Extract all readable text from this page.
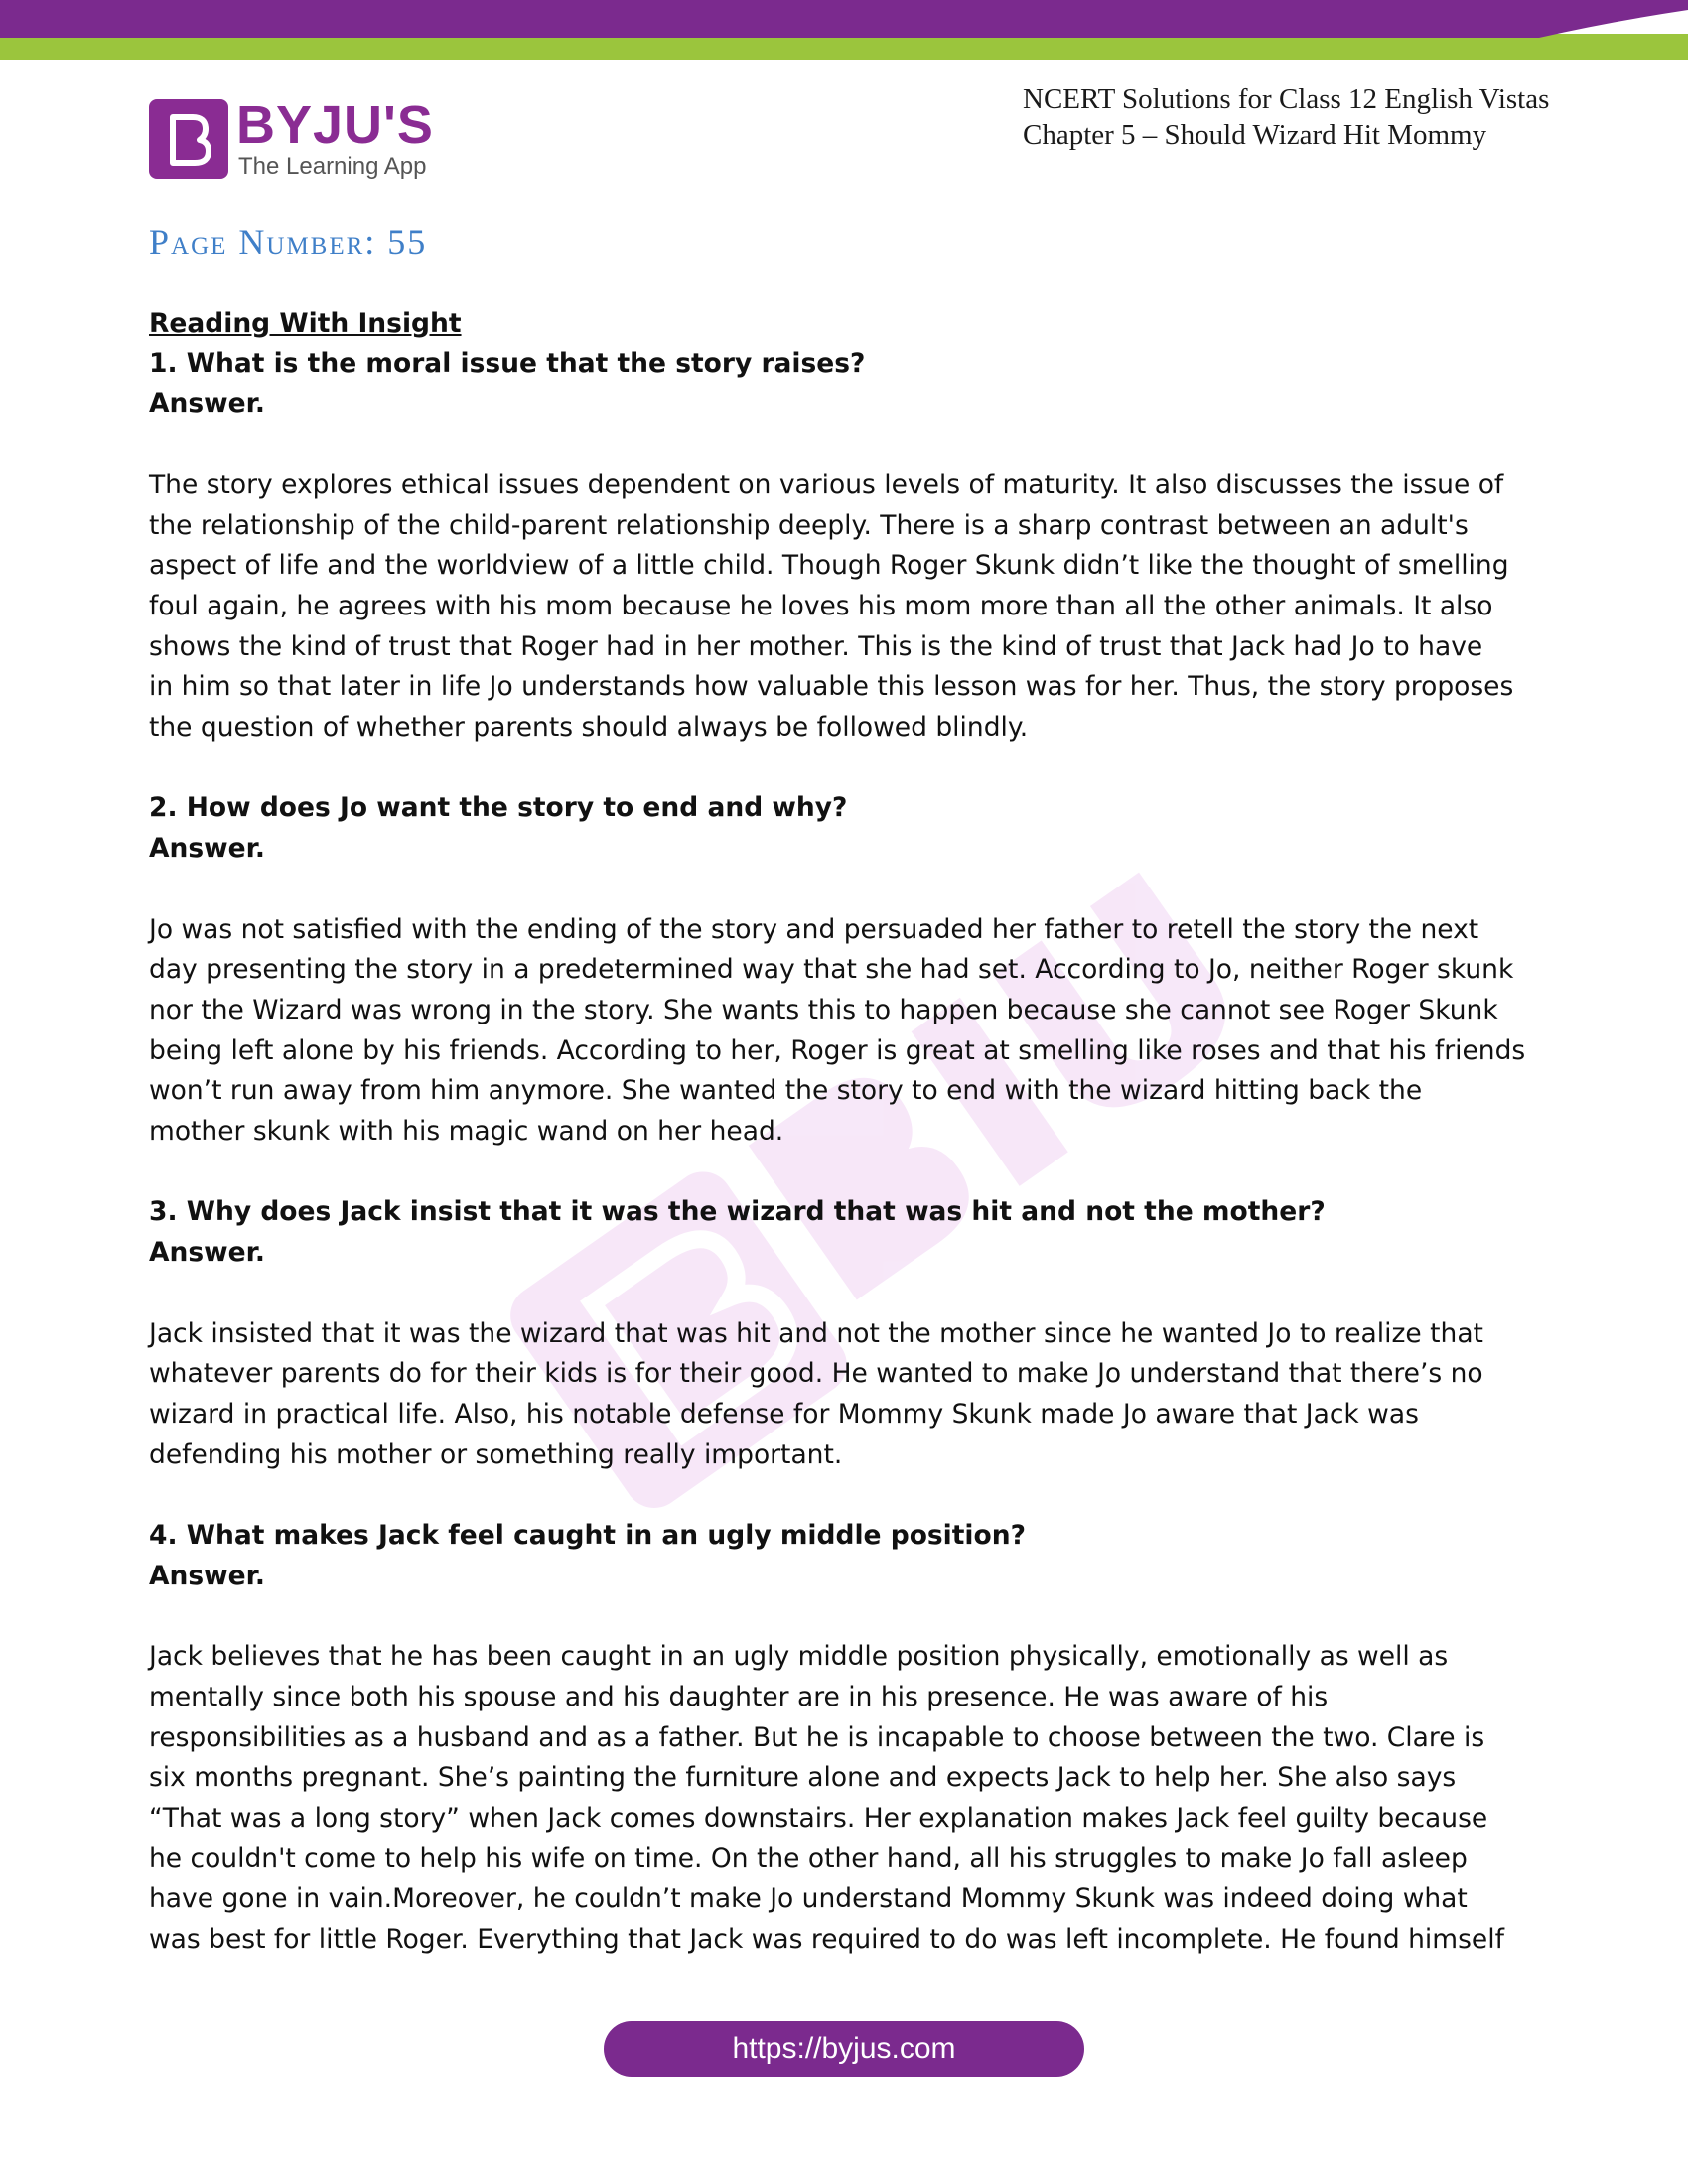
BYJU'S
The Learning App
NCERT Solutions for Class 12 English Vistas
Chapter 5 – Should Wizard Hit Mommy
Page Number: 55

Reading With Insight

1. What is the moral issue that the story raises?

Answer.

The story explores ethical issues dependent on various levels of maturity. It also discusses the issue of

the relationship of the child-parent relationship deeply. There is a sharp contrast between an adult's

aspect of life and the worldview of a little child. Though Roger Skunk didn’t like the thought of smelling

foul again, he agrees with his mom because he loves his mom more than all the other animals. It also

shows the kind of trust that Roger had in her mother. This is the kind of trust that Jack had Jo to have

in him so that later in life Jo understands how valuable this lesson was for her. Thus, the story proposes

the question of whether parents should always be followed blindly.

2. How does Jo want the story to end and why?

Answer.

Jo was not satisfied with the ending of the story and persuaded her father to retell the story the next

day presenting the story in a predetermined way that she had set. According to Jo, neither Roger skunk

nor the Wizard was wrong in the story. She wants this to happen because she cannot see Roger Skunk

being left alone by his friends. According to her, Roger is great at smelling like roses and that his friends

won’t run away from him anymore. She wanted the story to end with the wizard hitting back the

mother skunk with his magic wand on her head.

3. Why does Jack insist that it was the wizard that was hit and not the mother?

Answer.

Jack insisted that it was the wizard that was hit and not the mother since he wanted Jo to realize that

whatever parents do for their kids is for their good. He wanted to make Jo understand that there’s no

wizard in practical life. Also, his notable defense for Mommy Skunk made Jo aware that Jack was

defending his mother or something really important.

4. What makes Jack feel caught in an ugly middle position?

Answer.

Jack believes that he has been caught in an ugly middle position physically, emotionally as well as

mentally since both his spouse and his daughter are in his presence. He was aware of his

responsibilities as a husband and as a father. But he is incapable to choose between the two. Clare is

six months pregnant. She’s painting the furniture alone and expects Jack to help her. She also says

“That was a long story” when Jack comes downstairs. Her explanation makes Jack feel guilty because

he couldn't come to help his wife on time. On the other hand, all his struggles to make Jo fall asleep

have gone in vain.Moreover, he couldn’t make Jo understand Mommy Skunk was indeed doing what

was best for little Roger. Everything that Jack was required to do was left incomplete. He found himself

https://byjus.com
